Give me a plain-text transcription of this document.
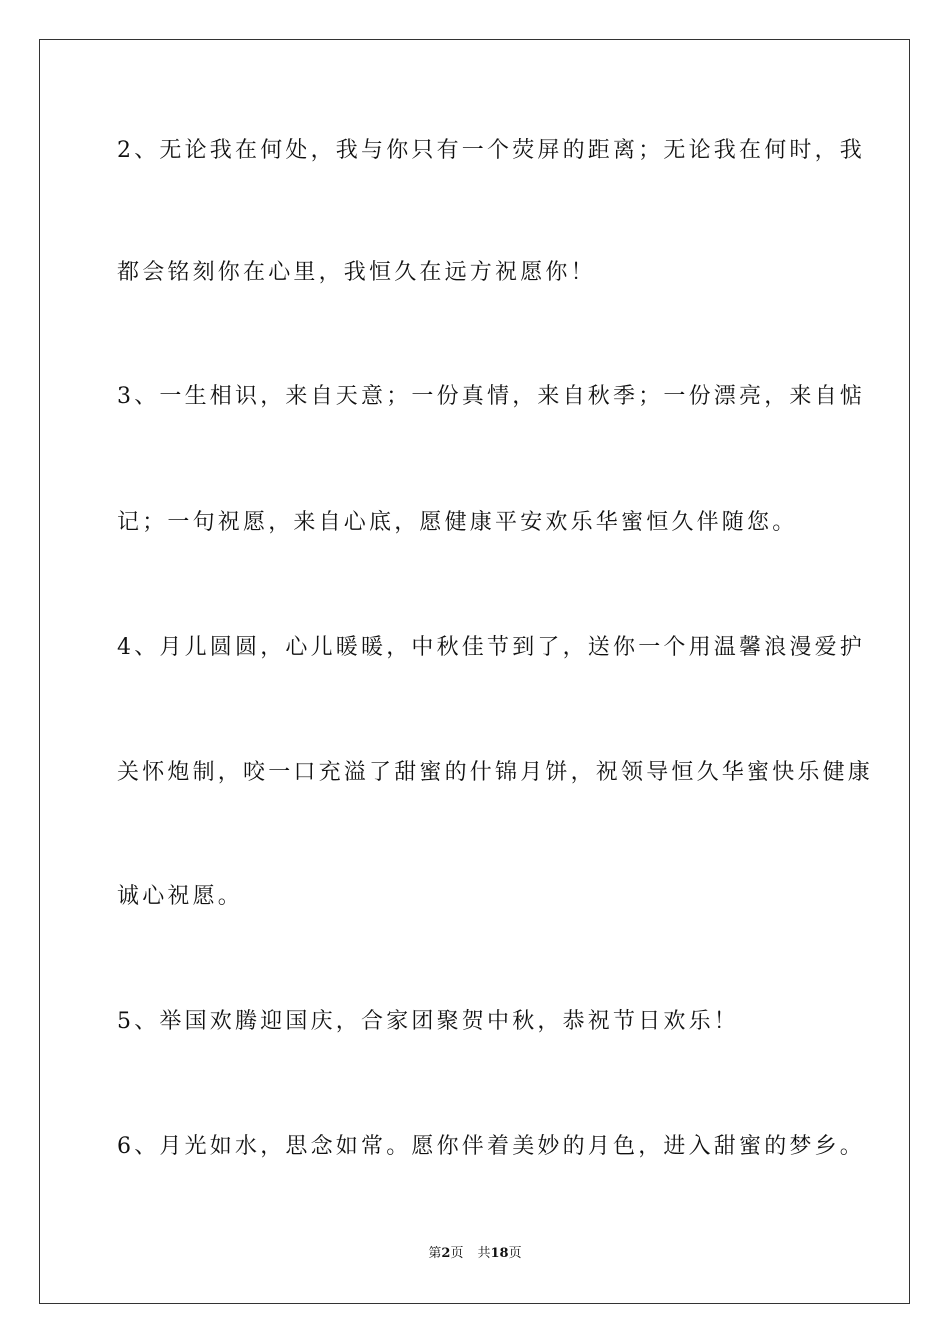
2、无论我在何处，我与你只有一个荧屏的距离；无论我在何时，我

都会铭刻你在心里，我恒久在远方祝愿你！

3、一生相识，来自天意；一份真情，来自秋季；一份漂亮，来自惦

记；一句祝愿，来自心底，愿健康平安欢乐华蜜恒久伴随您。

4、月儿圆圆，心儿暖暖，中秋佳节到了，送你一个用温馨浪漫爱护

关怀炮制，咬一口充溢了甜蜜的什锦月饼，祝领导恒久华蜜快乐健康

诚心祝愿。

5、举国欢腾迎国庆，合家团聚贺中秋，恭祝节日欢乐！

6、月光如水，思念如常。愿你伴着美妙的月色，进入甜蜜的梦乡。

第2页 共18页
